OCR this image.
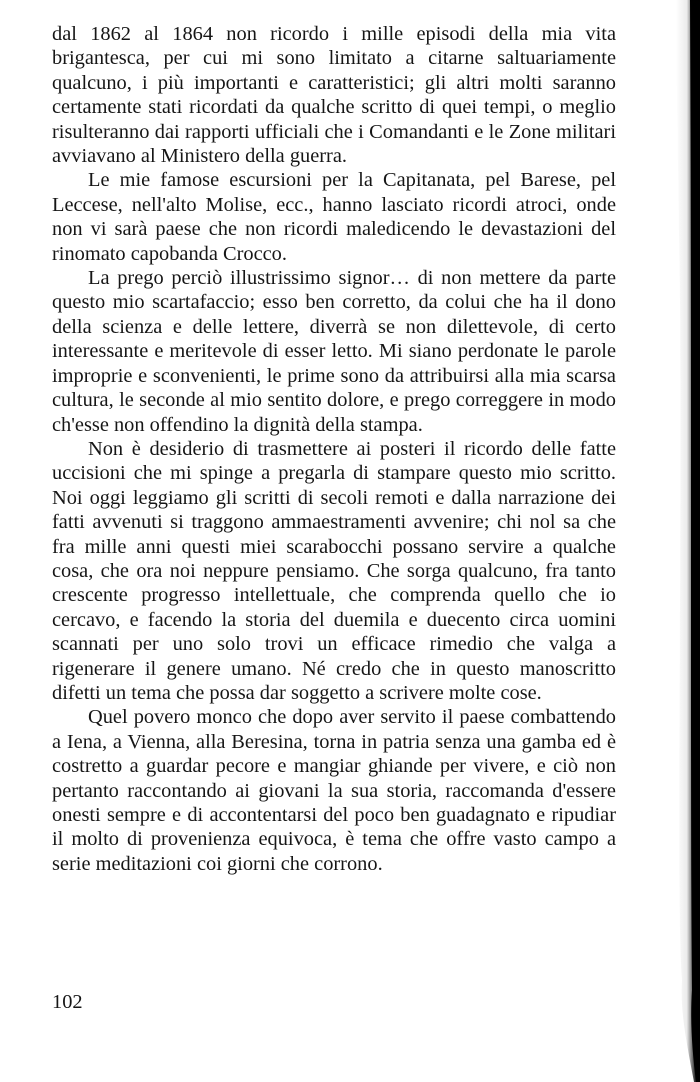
dal 1862 al 1864 non ricordo i mille episodi della mia vita brigantesca, per cui mi sono limitato a citarne saltuariamente qualcuno, i più importanti e caratteristici; gli altri molti saranno certamente stati ricordati da qualche scritto di quei tempi, o meglio risulteranno dai rapporti ufficiali che i Comandanti e le Zone militari avviavano al Ministero della guerra.

Le mie famose escursioni per la Capitanata, pel Barese, pel Leccese, nell'alto Molise, ecc., hanno lasciato ricordi atroci, onde non vi sarà paese che non ricordi maledicendo le devastazioni del rinomato capobanda Crocco.

La prego perciò illustrissimo signor… di non mettere da parte questo mio scartafaccio; esso ben corretto, da colui che ha il dono della scienza e delle lettere, diverrà se non dilettevole, di certo interessante e meritevole di esser letto. Mi siano perdonate le parole improprie e sconvenienti, le prime sono da attribuirsi alla mia scarsa cultura, le seconde al mio sentito dolore, e prego correggere in modo ch'esse non offendino la dignità della stampa.

Non è desiderio di trasmettere ai posteri il ricordo delle fatte uccisioni che mi spinge a pregarla di stampare questo mio scritto. Noi oggi leggiamo gli scritti di secoli remoti e dalla narrazione dei fatti avvenuti si traggono ammaestramenti avvenire; chi nol sa che fra mille anni questi miei scarabocchi possano servire a qualche cosa, che ora noi neppure pensiamo. Che sorga qualcuno, fra tanto crescente progresso intellettuale, che comprenda quello che io cercavo, e facendo la storia del duemila e duecento circa uomini scannati per uno solo trovi un efficace rimedio che valga a rigenerare il genere umano. Né credo che in questo manoscritto difetti un tema che possa dar soggetto a scrivere molte cose.

Quel povero monco che dopo aver servito il paese combattendo a Iena, a Vienna, alla Beresina, torna in patria senza una gamba ed è costretto a guardar pecore e mangiar ghiande per vivere, e ciò non pertanto raccontando ai giovani la sua storia, raccomanda d'essere onesti sempre e di accontentarsi del poco ben guadagnato e ripudiar il molto di provenienza equivoca, è tema che offre vasto campo a serie meditazioni coi giorni che corrono.

102
